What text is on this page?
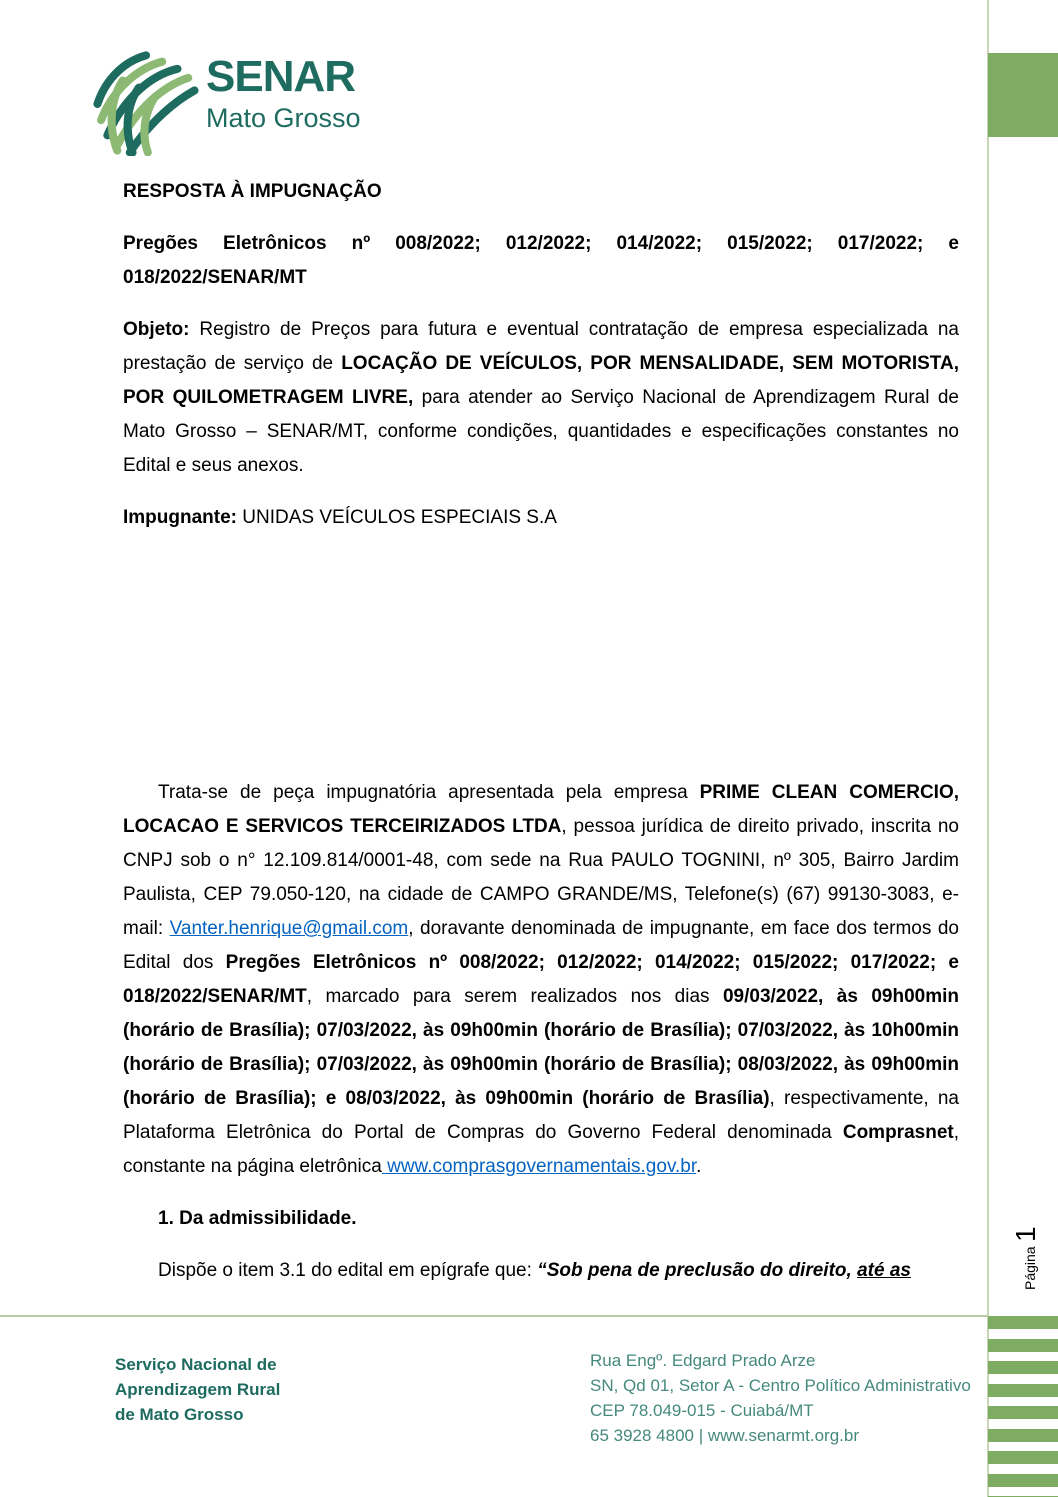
SENAR
Mato Grosso

RESPOSTA À IMPUGNAÇÃO

Pregões Eletrônicos nº 008/2022; 012/2022; 014/2022; 015/2022; 017/2022; e 018/2022/SENAR/MT

Objeto: Registro de Preços para futura e eventual contratação de empresa especializada na prestação de serviço de LOCAÇÃO DE VEÍCULOS, POR MENSALIDADE, SEM MOTORISTA, POR QUILOMETRAGEM LIVRE, para atender ao Serviço Nacional de Aprendizagem Rural de Mato Grosso – SENAR/MT, conforme condições, quantidades e especificações constantes no Edital e seus anexos.

Impugnante: UNIDAS VEÍCULOS ESPECIAIS S.A

Trata-se de peça impugnatória apresentada pela empresa PRIME CLEAN COMERCIO, LOCACAO E SERVICOS TERCEIRIZADOS LTDA, pessoa jurídica de direito privado, inscrita no CNPJ sob o n° 12.109.814/0001-48, com sede na Rua PAULO TOGNINI, nº 305, Bairro Jardim Paulista, CEP 79.050-120, na cidade de CAMPO GRANDE/MS, Telefone(s) (67) 99130-3083, e-mail: Vanter.henrique@gmail.com, doravante denominada de impugnante, em face dos termos do Edital dos Pregões Eletrônicos nº 008/2022; 012/2022; 014/2022; 015/2022; 017/2022; e 018/2022/SENAR/MT, marcado para serem realizados nos dias 09/03/2022, às 09h00min (horário de Brasília); 07/03/2022, às 09h00min (horário de Brasília); 07/03/2022, às 10h00min (horário de Brasília); 07/03/2022, às 09h00min (horário de Brasília); 08/03/2022, às 09h00min (horário de Brasília); e 08/03/2022, às 09h00min (horário de Brasília), respectivamente, na Plataforma Eletrônica do Portal de Compras do Governo Federal denominada Comprasnet, constante na página eletrônica www.comprasgovernamentais.gov.br.

1. Da admissibilidade.

Dispõe o item 3.1 do edital em epígrafe que: “Sob pena de preclusão do direito, até as	Página 1
Serviço Nacional de
Aprendizagem Rural
de Mato Grosso
Rua Engº. Edgard Prado Arze
SN, Qd 01, Setor A - Centro Político Administrativo
CEP 78.049-015 - Cuiabá/MT
65 3928 4800 | www.senarmt.org.br
